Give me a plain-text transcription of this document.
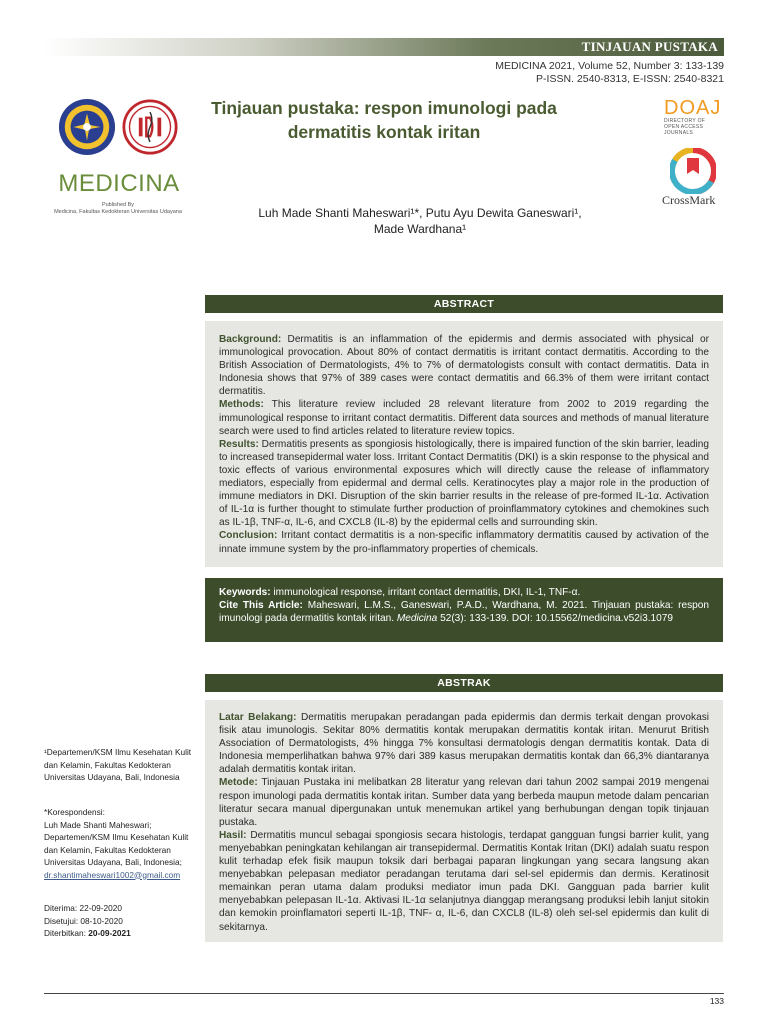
TINJAUAN PUSTAKA
MEDICINA 2021, Volume 52, Number 3: 133-139
P-ISSN. 2540-8313, E-ISSN: 2540-8321
MEDICINA
Published By
Medicina, Fakultas Kedokteran Universitas Udayana
Tinjauan pustaka: respon imunologi pada
dermatitis kontak iritan
Luh Made Shanti Maheswari¹*, Putu Ayu Dewita Ganeswari¹,
Made Wardhana¹
DOAJ
DIRECTORY OF
OPEN ACCESS
JOURNALS
CrossMark
ABSTRACT

Background: Dermatitis is an inflammation of the epidermis and dermis associated with physical or immunological provocation. About 80% of contact dermatitis is irritant contact dermatitis. According to the British Association of Dermatologists, 4% to 7% of dermatologists consult with contact dermatitis. Data in Indonesia shows that 97% of 389 cases were contact dermatitis and 66.3% of them were irritant contact dermatitis.

Methods: This literature review included 28 relevant literature from 2002 to 2019 regarding the immunological response to irritant contact dermatitis. Different data sources and methods of manual literature search were used to find articles related to literature review topics.

Results: Dermatitis presents as spongiosis histologically, there is impaired function of the skin barrier, leading to increased transepidermal water loss. Irritant Contact Dermatitis (DKI) is a skin response to the physical and toxic effects of various environmental exposures which will directly cause the release of inflammatory mediators, especially from epidermal and dermal cells. Keratinocytes play a major role in the production of immune mediators in DKI. Disruption of the skin barrier results in the release of pre-formed IL-1α. Activation of IL-1α is further thought to stimulate further production of proinflammatory cytokines and chemokines such as IL-1β, TNF-α, IL-6, and CXCL8 (IL-8) by the epidermal cells and surrounding skin.

Conclusion: Irritant contact dermatitis is a non-specific inflammatory dermatitis caused by activation of the innate immune system by the pro-inflammatory properties of chemicals.

Keywords: immunological response, irritant contact dermatitis, DKI, IL-1, TNF-α.

Cite This Article: Maheswari, L.M.S., Ganeswari, P.A.D., Wardhana, M. 2021. Tinjauan pustaka: respon imunologi pada dermatitis kontak iritan. Medicina 52(3): 133-139. DOI: 10.15562/medicina.v52i3.1079

ABSTRAK

Latar Belakang: Dermatitis merupakan peradangan pada epidermis dan dermis terkait dengan provokasi fisik atau imunologis. Sekitar 80% dermatitis kontak merupakan dermatitis kontak iritan. Menurut British Association of Dermatologists, 4% hingga 7% konsultasi dermatologis dengan dermatitis kontak. Data di Indonesia memperlihatkan bahwa 97% dari 389 kasus merupakan dermatitis kontak dan 66,3% diantaranya adalah dermatitis kontak iritan.

Metode: Tinjauan Pustaka ini melibatkan 28 literatur yang relevan dari tahun 2002 sampai 2019 mengenai respon imunologi pada dermatitis kontak iritan. Sumber data yang berbeda maupun metode dalam pencarian literatur secara manual dipergunakan untuk menemukan artikel yang berhubungan dengan topik tinjauan pustaka.

Hasil: Dermatitis muncul sebagai spongiosis secara histologis, terdapat gangguan fungsi barrier kulit, yang menyebabkan peningkatan kehilangan air transepidermal. Dermatitis Kontak Iritan (DKI) adalah suatu respon kulit terhadap efek fisik maupun toksik dari berbagai paparan lingkungan yang secara langsung akan menyebabkan pelepasan mediator peradangan terutama dari sel-sel epidermis dan dermis. Keratinosit memainkan peran utama dalam produksi mediator imun pada DKI. Gangguan pada barrier kulit menyebabkan pelepasan IL-1α. Aktivasi IL-1α selanjutnya dianggap merangsang produksi lebih lanjut sitokin dan kemokin proinflamatori seperti IL-1β, TNF- α, IL-6, dan CXCL8 (IL-8) oleh sel-sel epidermis dan kulit di sekitarnya.

¹Departemen/KSM Ilmu Kesehatan Kulit dan Kelamin, Fakultas Kedokteran Universitas Udayana, Bali, Indonesia

*Korespondensi:

Luh Made Shanti Maheswari; Departemen/KSM Ilmu Kesehatan Kulit dan Kelamin, Fakultas Kedokteran Universitas Udayana, Bali, Indonesia;

dr.shantimaheswari1002@gmail.com

Diterima: 22-09-2020

Disetujui: 08-10-2020

Diterbitkan: 20-09-2021

133
